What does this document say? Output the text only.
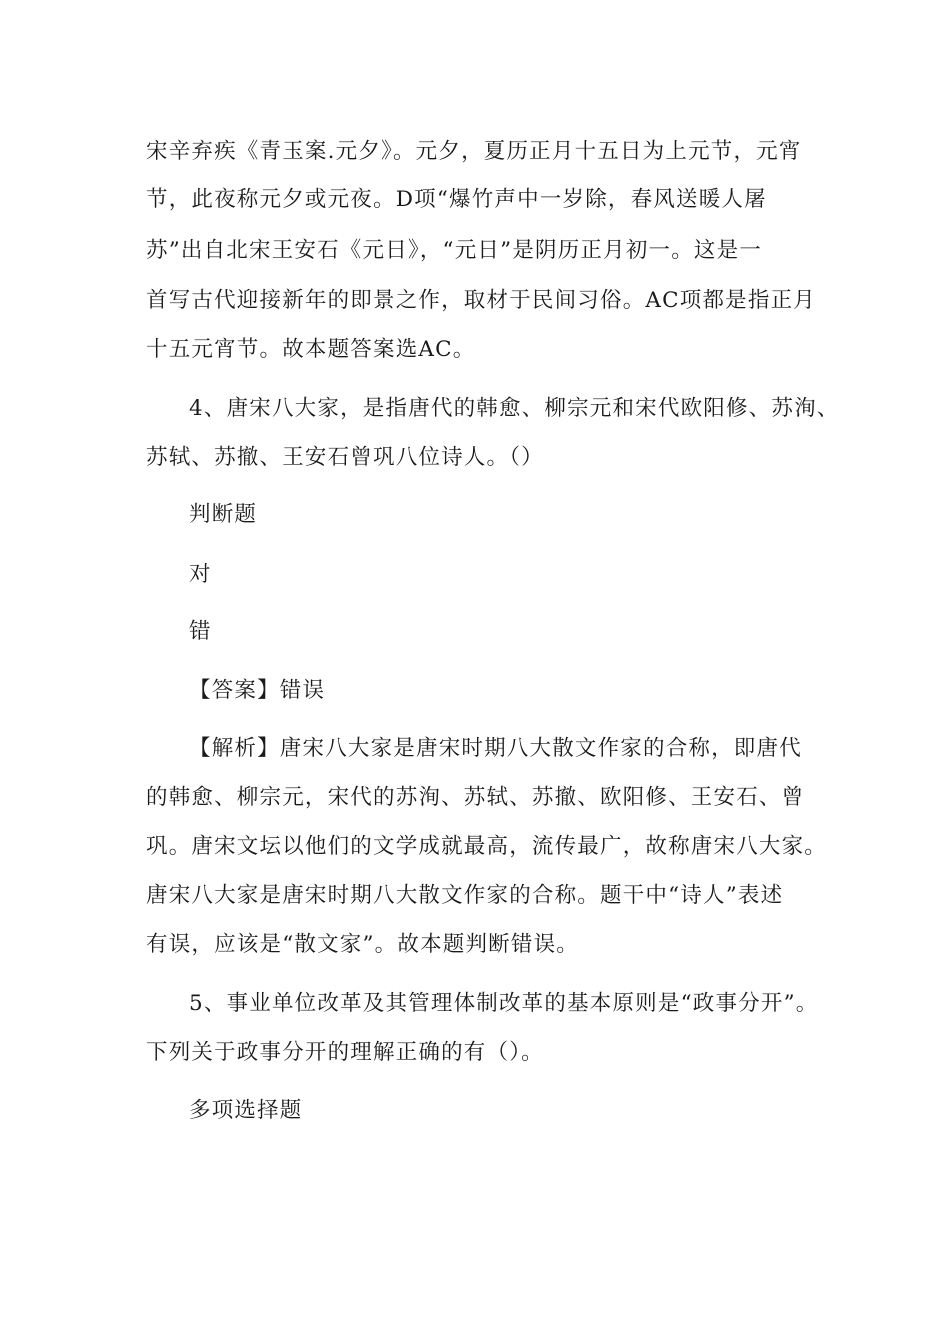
宋辛弃疾《青玉案.元夕》。元夕，夏历正月十五日为上元节，元宵
节，此夜称元夕或元夜。D项“爆竹声中一岁除，春风送暖人屠
苏”出自北宋王安石《元日》，“元日”是阴历正月初一。这是一
首写古代迎接新年的即景之作，取材于民间习俗。AC项都是指正月
十五元宵节。故本题答案选AC。
4、唐宋八大家，是指唐代的韩愈、柳宗元和宋代欧阳修、苏洵、
苏轼、苏撤、王安石曾巩八位诗人。（）
判断题
对
错
【答案】错误
【解析】唐宋八大家是唐宋时期八大散文作家的合称，即唐代
的韩愈、柳宗元，宋代的苏洵、苏轼、苏撤、欧阳修、王安石、曾
巩。唐宋文坛以他们的文学成就最高，流传最广，故称唐宋八大家。
唐宋八大家是唐宋时期八大散文作家的合称。题干中“诗人”表述
有误，应该是“散文家”。故本题判断错误。
5、事业单位改革及其管理体制改革的基本原则是“政事分开”。
下列关于政事分开的理解正确的有（）。
多项选择题
